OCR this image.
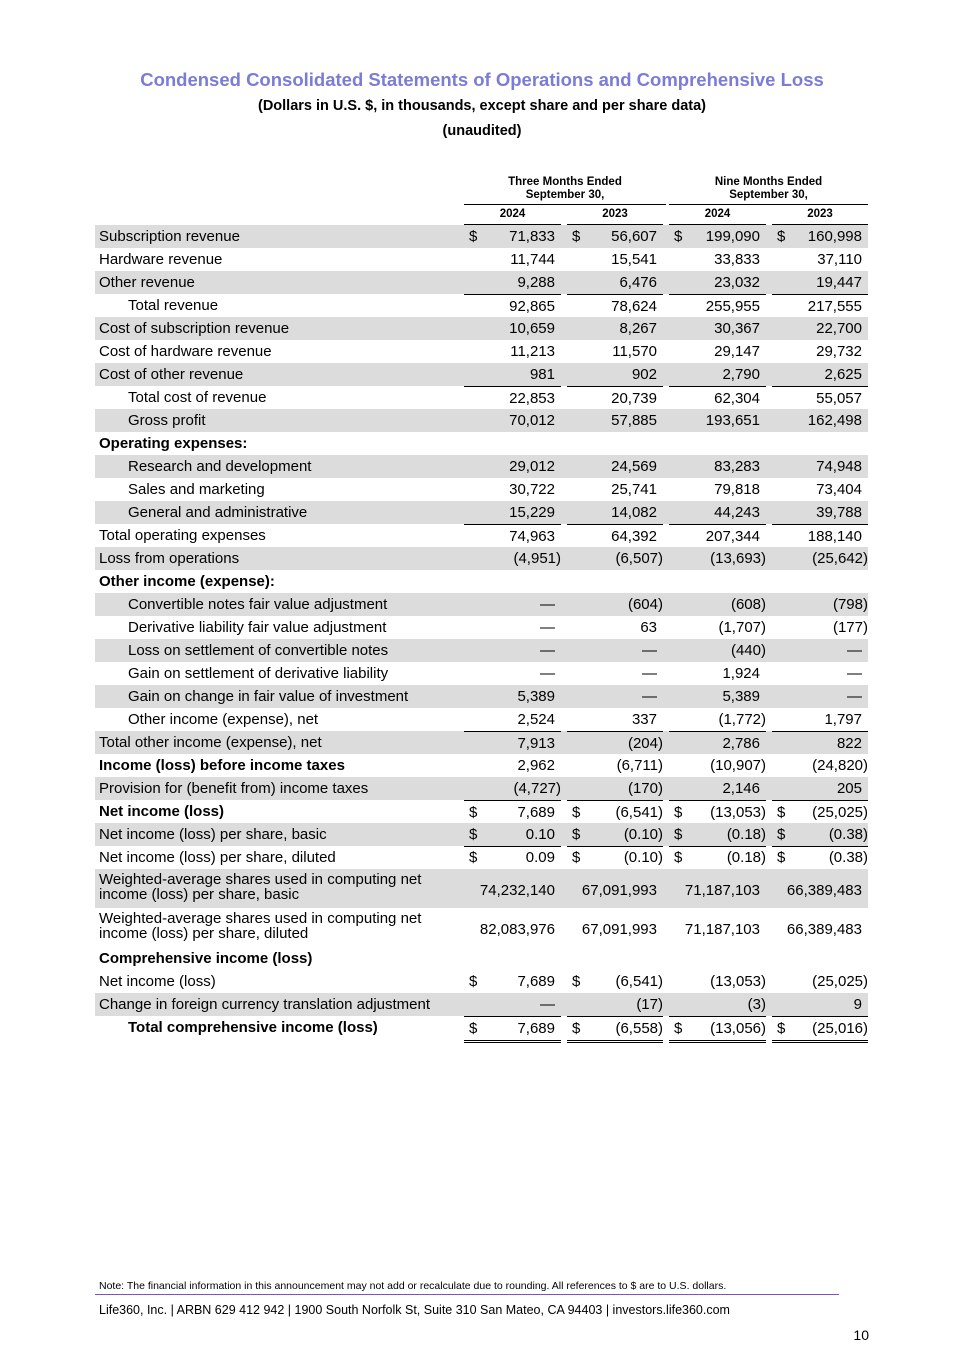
Condensed Consolidated Statements of Operations and Comprehensive Loss
(Dollars in U.S. $, in thousands, except share and per share data)
(unaudited)
Three Months Ended
September 30,
Nine Months Ended
September 30,
2024	2023	2024	2023
Subscription revenue	$ 71,833 $ 56,607 $ 199,090 $ 160,998
Hardware revenue	11,744	15,541	33,833	37,110
Other revenue	9,288	6,476	23,032	19,447
Total revenue	92,865	78,624	255,955	217,555
Cost of subscription revenue	10,659	8,267	30,367	22,700
Cost of hardware revenue	11,213	11,570	29,147	29,732
Cost of other revenue	981	902	2,790	2,625
Total cost of revenue	22,853	20,739	62,304	55,057
Gross profit	70,012	57,885	193,651	162,498
Operating expenses:
Research and development	29,012	24,569	83,283	74,948
Sales and marketing	30,722	25,741	79,818	73,404
General and administrative	15,229	14,082	44,243	39,788
Total operating expenses	74,963	64,392	207,344	188,140
Loss from operations	(4,951)	(6,507)	(13,693)	(25,642)
Other income (expense):
Convertible notes fair value adjustment	—	(604)	(608)	(798)
Derivative liability fair value adjustment	—	63	(1,707)	(177)
Loss on settlement of convertible notes	—	—	(440)	—
Gain on settlement of derivative liability	—	—	1,924	—
Gain on change in fair value of investment	5,389	—	5,389	—
Other income (expense), net	2,524	337	(1,772)	1,797
Total other income (expense), net	7,913	(204)	2,786	822
Income (loss) before income taxes	2,962	(6,711)	(10,907)	(24,820)
Provision for (benefit from) income taxes	(4,727)	(170)	2,146	205
Net income (loss)	$	7,689 $ (6,541) $ (13,053) $ (25,025)
Net income (loss) per share, basic	$	0.10 $	(0.10) $	(0.18) $	(0.38)
Net income (loss) per share, diluted	$	0.09 $	(0.10) $	(0.18) $	(0.38)
Weighted-average shares used in computing net income (loss) per share, basic	74,232,140 67,091,993 71,187,103 66,389,483
Weighted-average shares used in computing net income (loss) per share, diluted	82,083,976 67,091,993 71,187,103 66,389,483
Comprehensive income (loss)
Net income (loss)	$	7,689 $ (6,541)	(13,053)	(25,025)
Change in foreign currency translation adjustment	—	(17)	(3)	9
Total comprehensive income (loss)	$	7,689 $ (6,558) $ (13,056) $ (25,016)
Note: The financial information in this announcement may not add or recalculate due to rounding. All references to $ are to U.S. dollars.
Life360, Inc. | ARBN 629 412 942 | 1900 South Norfolk St, Suite 310 San Mateo, CA 94403 | investors.life360.com
10
